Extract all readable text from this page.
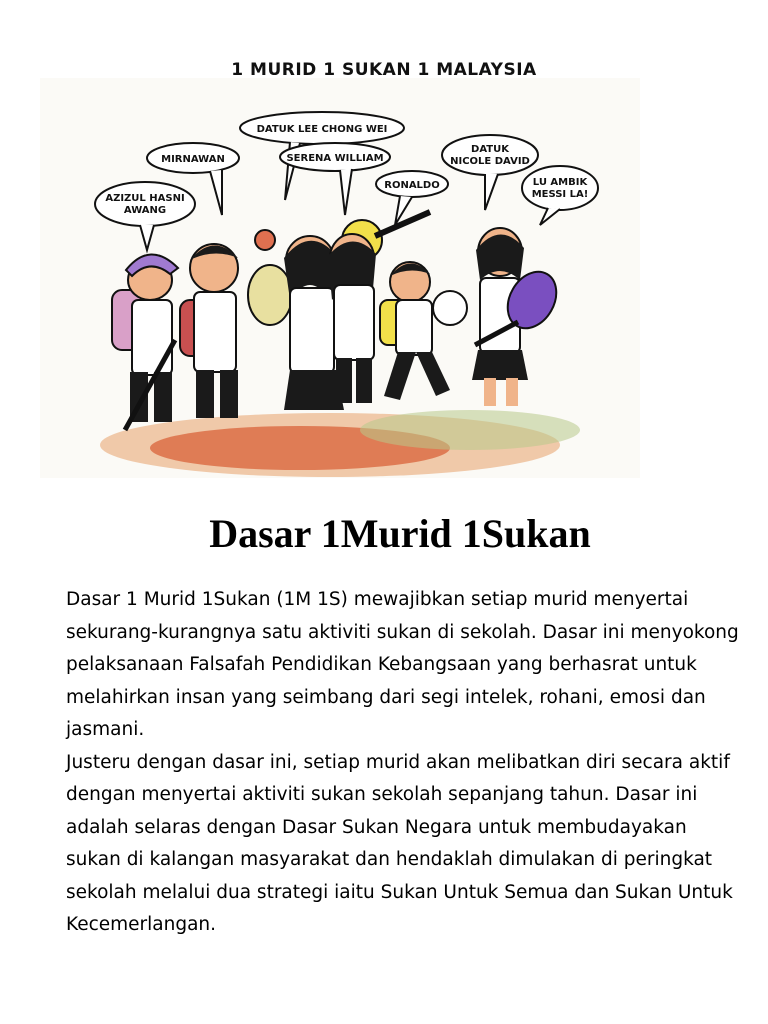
DATUK LEE CHONG WEI
MIRNAWAN	SERENA WILLIAM
DATUK
NICOLE DAVID
RONALDO
AZIZUL HASNI
AWANG
LU AMBIK
MESSI LA!
1 MURID 1 SUKAN 1 MALAYSIA
Dasar 1Murid 1Sukan

Dasar 1 Murid 1Sukan (1M 1S) mewajibkan setiap murid menyertai sekurang-kurangnya satu aktiviti sukan di sekolah. Dasar ini menyokong pelaksanaan Falsafah Pendidikan Kebangsaan yang berhasrat untuk melahirkan insan yang seimbang dari segi intelek, rohani, emosi dan jasmani.

Justeru dengan dasar ini, setiap murid akan melibatkan diri secara aktif dengan menyertai aktiviti sukan sekolah sepanjang tahun. Dasar ini adalah selaras dengan Dasar Sukan Negara untuk membudayakan sukan di kalangan masyarakat dan hendaklah dimulakan di peringkat sekolah melalui dua strategi iaitu Sukan Untuk Semua dan Sukan Untuk Kecemerlangan.
